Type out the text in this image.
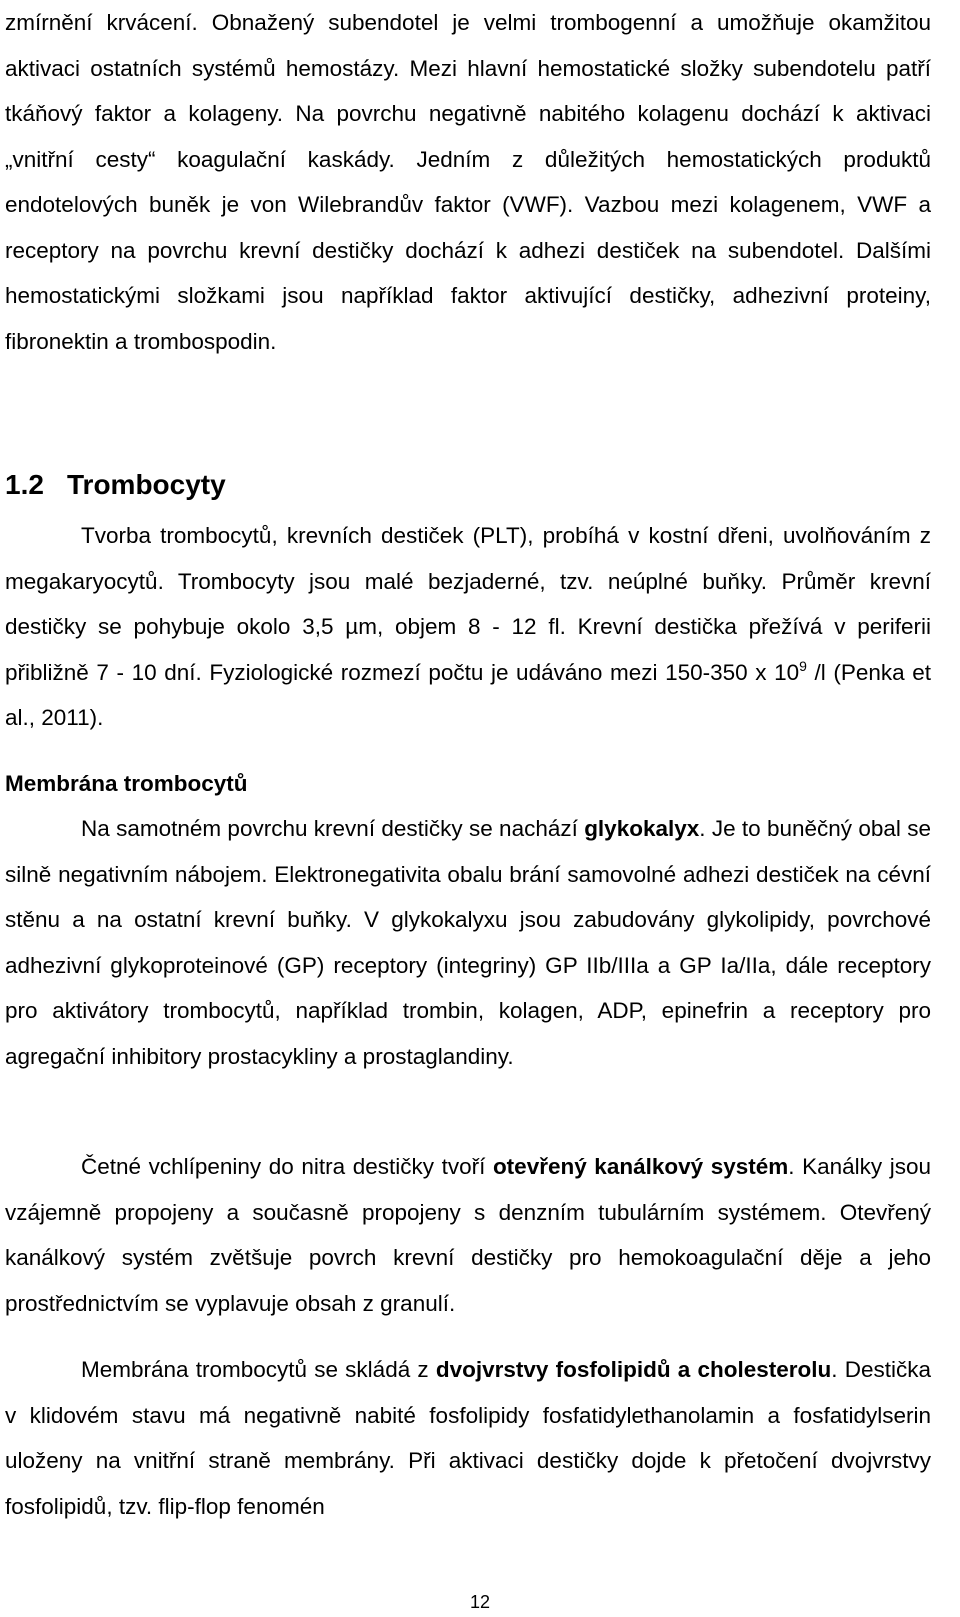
zmírnění krvácení. Obnažený subendotel je velmi trombogenní a umožňuje okamžitou aktivaci ostatních systémů hemostázy. Mezi hlavní hemostatické složky subendotelu patří tkáňový faktor a kolageny. Na povrchu negativně nabitého kolagenu dochází k aktivaci „vnitřní cesty“ koagulační kaskády. Jedním z důležitých hemostatických produktů endotelových buněk je von Wilebrandův faktor (VWF). Vazbou mezi kolagenem, VWF a receptory na povrchu krevní destičky dochází k adhezi destiček na subendotel. Dalšími hemostatickými složkami jsou například faktor aktivující destičky, adhezivní proteiny, fibronektin a trombospodin.

1.2 Trombocyty

Tvorba trombocytů, krevních destiček (PLT), probíhá v kostní dřeni, uvolňováním z megakaryocytů. Trombocyty jsou malé bezjaderné, tzv. neúplné buňky. Průměr krevní destičky se pohybuje okolo 3,5 µm, objem 8 - 12 fl. Krevní destička přežívá v periferii přibližně 7 - 10 dní. Fyziologické rozmezí počtu je udáváno mezi 150-350 x $10^9$ /l (Penka et al., 2011).

Membrána trombocytů

Na samotném povrchu krevní destičky se nachází glykokalyx. Je to buněčný obal se silně negativním nábojem. Elektronegativita obalu brání samovolné adhezi destiček na cévní stěnu a na ostatní krevní buňky. V glykokalyxu jsou zabudovány glykolipidy, povrchové adhezivní glykoproteinové (GP) receptory (integriny) GP IIb/IIIa a GP Ia/IIa, dále receptory pro aktivátory trombocytů, například trombin, kolagen, ADP, epinefrin a receptory pro agregační inhibitory prostacykliny a prostaglandiny.

Četné vchlípeniny do nitra destičky tvoří otevřený kanálkový systém. Kanálky jsou vzájemně propojeny a současně propojeny s denzním tubulárním systémem. Otevřený kanálkový systém zvětšuje povrch krevní destičky pro hemokoagulační děje a jeho prostřednictvím se vyplavuje obsah z granulí.

Membrána trombocytů se skládá z dvojvrstvy fosfolipidů a cholesterolu. Destička v klidovém stavu má negativně nabité fosfolipidy fosfatidylethanolamin a fosfatidylserin uloženy na vnitřní straně membrány. Při aktivaci destičky dojde k přetočení dvojvrstvy fosfolipidů, tzv. flip-flop fenomén

12
